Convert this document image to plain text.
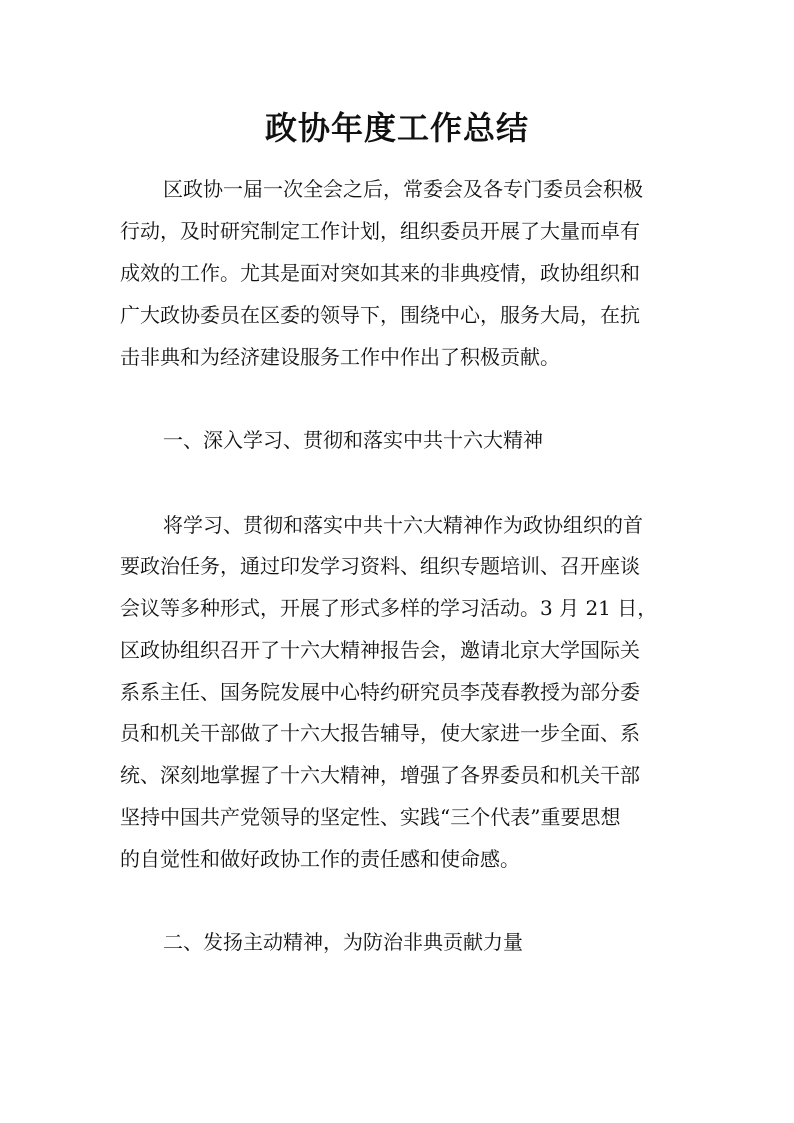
政协年度工作总结
区政协一届一次全会之后，常委会及各专门委员会积极
行动，及时研究制定工作计划，组织委员开展了大量而卓有
成效的工作。尤其是面对突如其来的非典疫情，政协组织和
广大政协委员在区委的领导下，围绕中心，服务大局，在抗
击非典和为经济建设服务工作中作出了积极贡献。
一、深入学习、贯彻和落实中共十六大精神
将学习、贯彻和落实中共十六大精神作为政协组织的首
要政治任务，通过印发学习资料、组织专题培训、召开座谈
会议等多种形式，开展了形式多样的学习活动。3 月 21 日，
区政协组织召开了十六大精神报告会，邀请北京大学国际关
系系主任、国务院发展中心特约研究员李茂春教授为部分委
员和机关干部做了十六大报告辅导，使大家进一步全面、系
统、深刻地掌握了十六大精神，增强了各界委员和机关干部
坚持中国共产党领导的坚定性、实践“三个代表”重要思想
的自觉性和做好政协工作的责任感和使命感。
二、发扬主动精神，为防治非典贡献力量
